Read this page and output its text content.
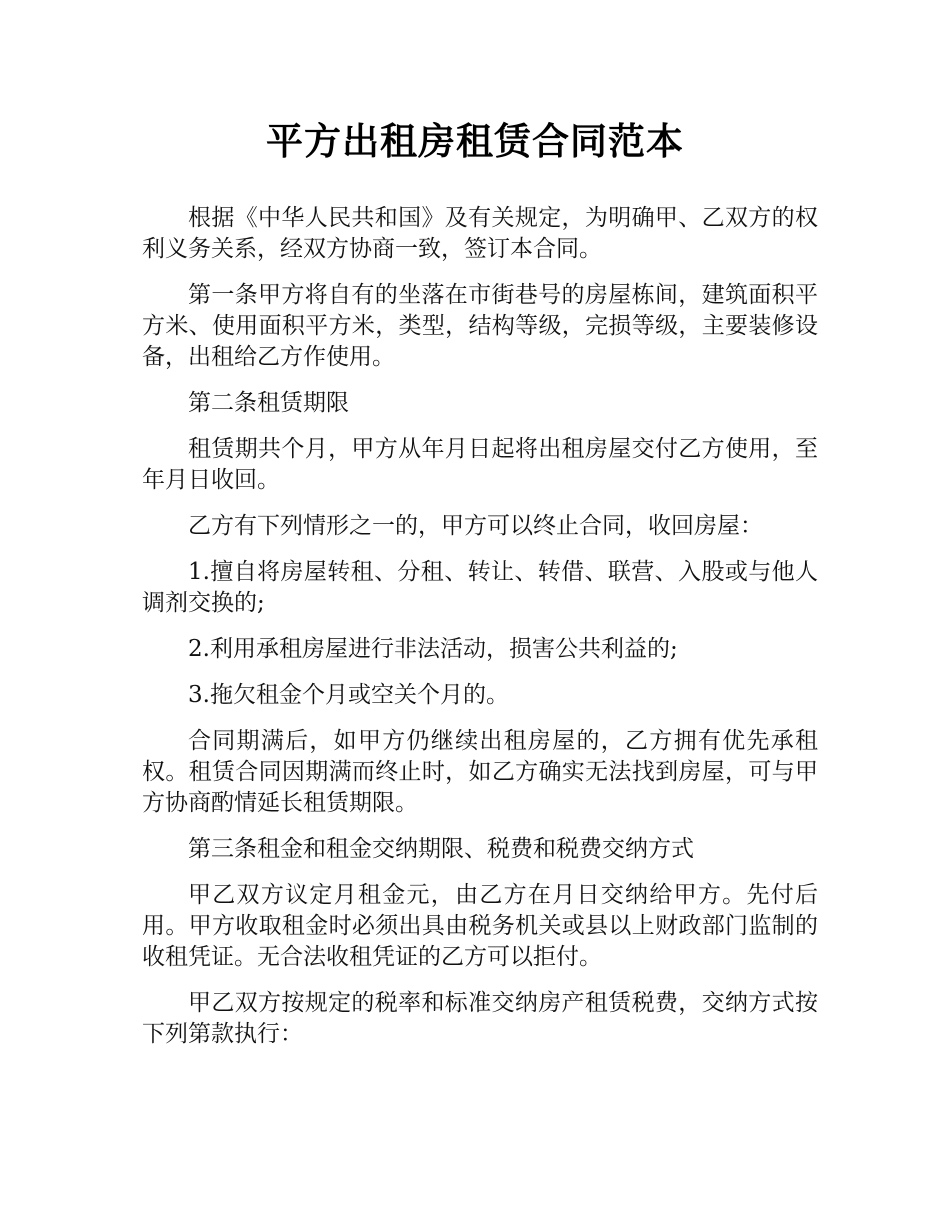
平方出租房租赁合同范本

根据《中华人民共和国》及有关规定，为明确甲、乙双方的权利义务关系，经双方协商一致，签订本合同。

第一条甲方将自有的坐落在市街巷号的房屋栋间，建筑面积平方米、使用面积平方米，类型，结构等级，完损等级，主要装修设备，出租给乙方作使用。

第二条租赁期限

租赁期共个月，甲方从年月日起将出租房屋交付乙方使用，至年月日收回。

乙方有下列情形之一的，甲方可以终止合同，收回房屋：

1.擅自将房屋转租、分租、转让、转借、联营、入股或与他人调剂交换的;

2.利用承租房屋进行非法活动，损害公共利益的;

3.拖欠租金个月或空关个月的。

合同期满后，如甲方仍继续出租房屋的，乙方拥有优先承租权。租赁合同因期满而终止时，如乙方确实无法找到房屋，可与甲方协商酌情延长租赁期限。

第三条租金和租金交纳期限、税费和税费交纳方式

甲乙双方议定月租金元，由乙方在月日交纳给甲方。先付后用。甲方收取租金时必须出具由税务机关或县以上财政部门监制的收租凭证。无合法收租凭证的乙方可以拒付。

甲乙双方按规定的税率和标准交纳房产租赁税费，交纳方式按下列第款执行：
